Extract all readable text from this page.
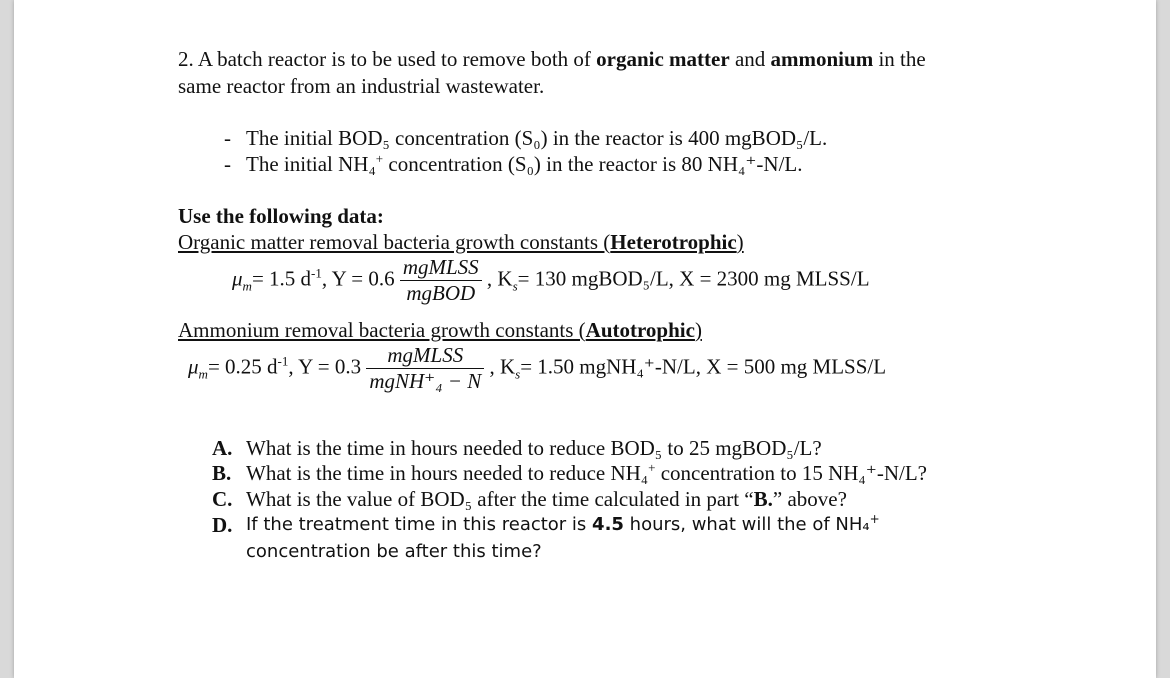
2. A batch reactor is to be used to remove both of organic matter and ammonium in the
same reactor from an industrial wastewater.
- The initial BOD₅ concentration (S₀) in the reactor is 400 mgBOD₅/L.
- The initial NH₄+ concentration (S₀) in the reactor is 80 NH₄⁺-N/L.
Use the following data:
Organic matter removal bacteria growth constants (Heterotrophic)
$\mu_m= 1.5$ $d^{-1}$, $Y = 0.6 \frac{\text{mgMLSS}}{\text{mgBOD}}$ , $K_s= 130$ mgBOD₅/L, X = 2300 mg MLSS/L
Ammonium removal bacteria growth constants (Autotrophic)
$\mu_m= 0.25$ $d^{-1}$, $Y = 0.3 \frac{\text{mgMLSS}}{\text{mgNH⁺₄ − N}}$ , $K_s= 1.50$ mgNH₄⁺-N/L, X = 500 mg MLSS/L
A. What is the time in hours needed to reduce BOD₅ to 25 mgBOD₅/L?
B. What is the time in hours needed to reduce NH₄+ concentration to 15 NH₄⁺-N/L?
C. What is the value of BOD₅ after the time calculated in part “B.” above?
D. If the treatment time in this reactor is 4.5 hours, what will the of NH₄+
concentration be after this time?
